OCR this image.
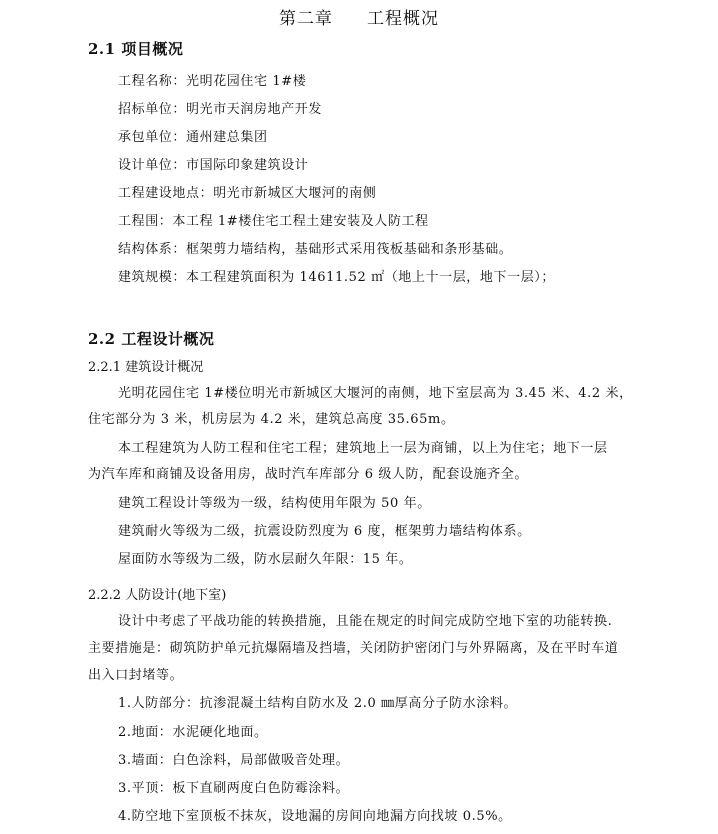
第二章 工程概况
2.1 项目概况
工程名称：光明花园住宅 1#楼
招标单位：明光市天润房地产开发
承包单位：通州建总集团
设计单位：市国际印象建筑设计
工程建设地点：明光市新城区大堰河的南侧
工程围：本工程 1#楼住宅工程土建安装及人防工程
结构体系：框架剪力墙结构，基础形式采用筏板基础和条形基础。
建筑规模：本工程建筑面积为 14611.52 ㎡（地上十一层，地下一层）；
2.2 工程设计概况
2.2.1 建筑设计概况
光明花园住宅 1#楼位明光市新城区大堰河的南侧，地下室层高为 3.45 米、4.2 米，
住宅部分为 3 米，机房层为 4.2 米，建筑总高度 35.65m。
本工程建筑为人防工程和住宅工程；建筑地上一层为商铺，以上为住宅；地下一层
为汽车库和商铺及设备用房，战时汽车库部分 6 级人防，配套设施齐全。
建筑工程设计等级为一级，结构使用年限为 50 年。
建筑耐火等级为二级，抗震设防烈度为 6 度，框架剪力墙结构体系。
屋面防水等级为二级，防水层耐久年限：15 年。
2.2.2 人防设计(地下室)
设计中考虑了平战功能的转换措施，且能在规定的时间完成防空地下室的功能转换.
主要措施是：砌筑防护单元抗爆隔墙及挡墙，关闭防护密闭门与外界隔离，及在平时车道
出入口封堵等。
1.人防部分：抗渗混凝土结构自防水及 2.0 ㎜厚高分子防水涂料。
2.地面：水泥硬化地面。
3.墙面：白色涂料，局部做吸音处理。
3.平顶：板下直刷两度白色防霉涂料。
4.防空地下室顶板不抹灰，设地漏的房间向地漏方向找坡 0.5%。
